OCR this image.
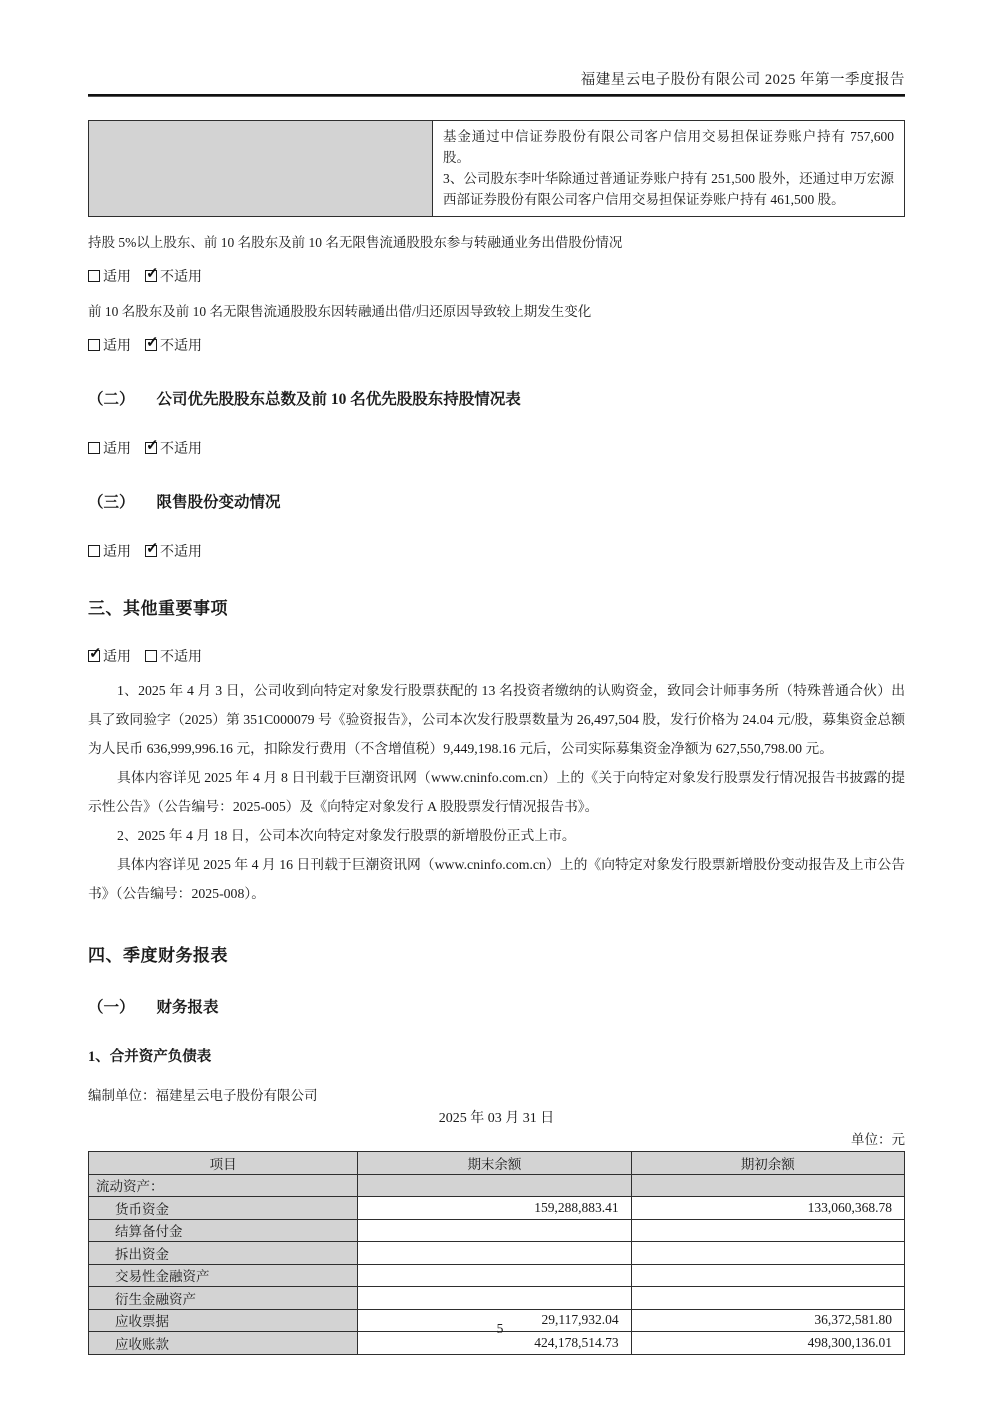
福建星云电子股份有限公司 2025 年第一季度报告

基金通过中信证券股份有限公司客户信用交易担保证券账户持有 757,600 股。

3、公司股东李叶华除通过普通证券账户持有 251,500 股外，还通过申万宏源西部证券股份有限公司客户信用交易担保证券账户持有 461,500 股。

持股 5%以上股东、前 10 名股东及前 10 名无限售流通股股东参与转融通业务出借股份情况
适用 ✓ 不适用
前 10 名股东及前 10 名无限售流通股股东因转融通出借/归还原因导致较上期发生变化
适用 ✓ 不适用
（二） 公司优先股股东总数及前 10 名优先股股东持股情况表
适用 ✓ 不适用
（三） 限售股份变动情况
适用 ✓ 不适用
三、其他重要事项
✓
适用 不适用

1、2025 年 4 月 3 日，公司收到向特定对象发行股票获配的 13 名投资者缴纳的认购资金，致同会计师事务所（特殊普通合伙）出具了致同验字（2025）第 351C000079 号《验资报告》，公司本次发行股票数量为 26,497,504 股，发行价格为 24.04 元/股，募集资金总额为人民币 636,999,996.16 元，扣除发行费用（不含增值税）9,449,198.16 元后，公司实际募集资金净额为 627,550,798.00 元。

具体内容详见 2025 年 4 月 8 日刊载于巨潮资讯网（www.cninfo.com.cn）上的《关于向特定对象发行股票发行情况报告书披露的提示性公告》（公告编号：2025-005）及《向特定对象发行 A 股股票发行情况报告书》。

2、2025 年 4 月 18 日，公司本次向特定对象发行股票的新增股份正式上市。

具体内容详见 2025 年 4 月 16 日刊载于巨潮资讯网（www.cninfo.com.cn）上的《向特定对象发行股票新增股份变动报告及上市公告书》（公告编号：2025-008）。

四、季度财务报表
（一） 财务报表
1、合并资产负债表
编制单位：福建星云电子股份有限公司
2025 年 03 月 31 日
单位：元
项目	期末余额	期初余额
流动资产：		
货币资金	159,288,883.41	133,060,368.78
结算备付金		
拆出资金		
交易性金融资产		
衍生金融资产		
应收票据	29,117,932.04	36,372,581.80
应收账款	424,178,514.73	498,300,136.01
5
